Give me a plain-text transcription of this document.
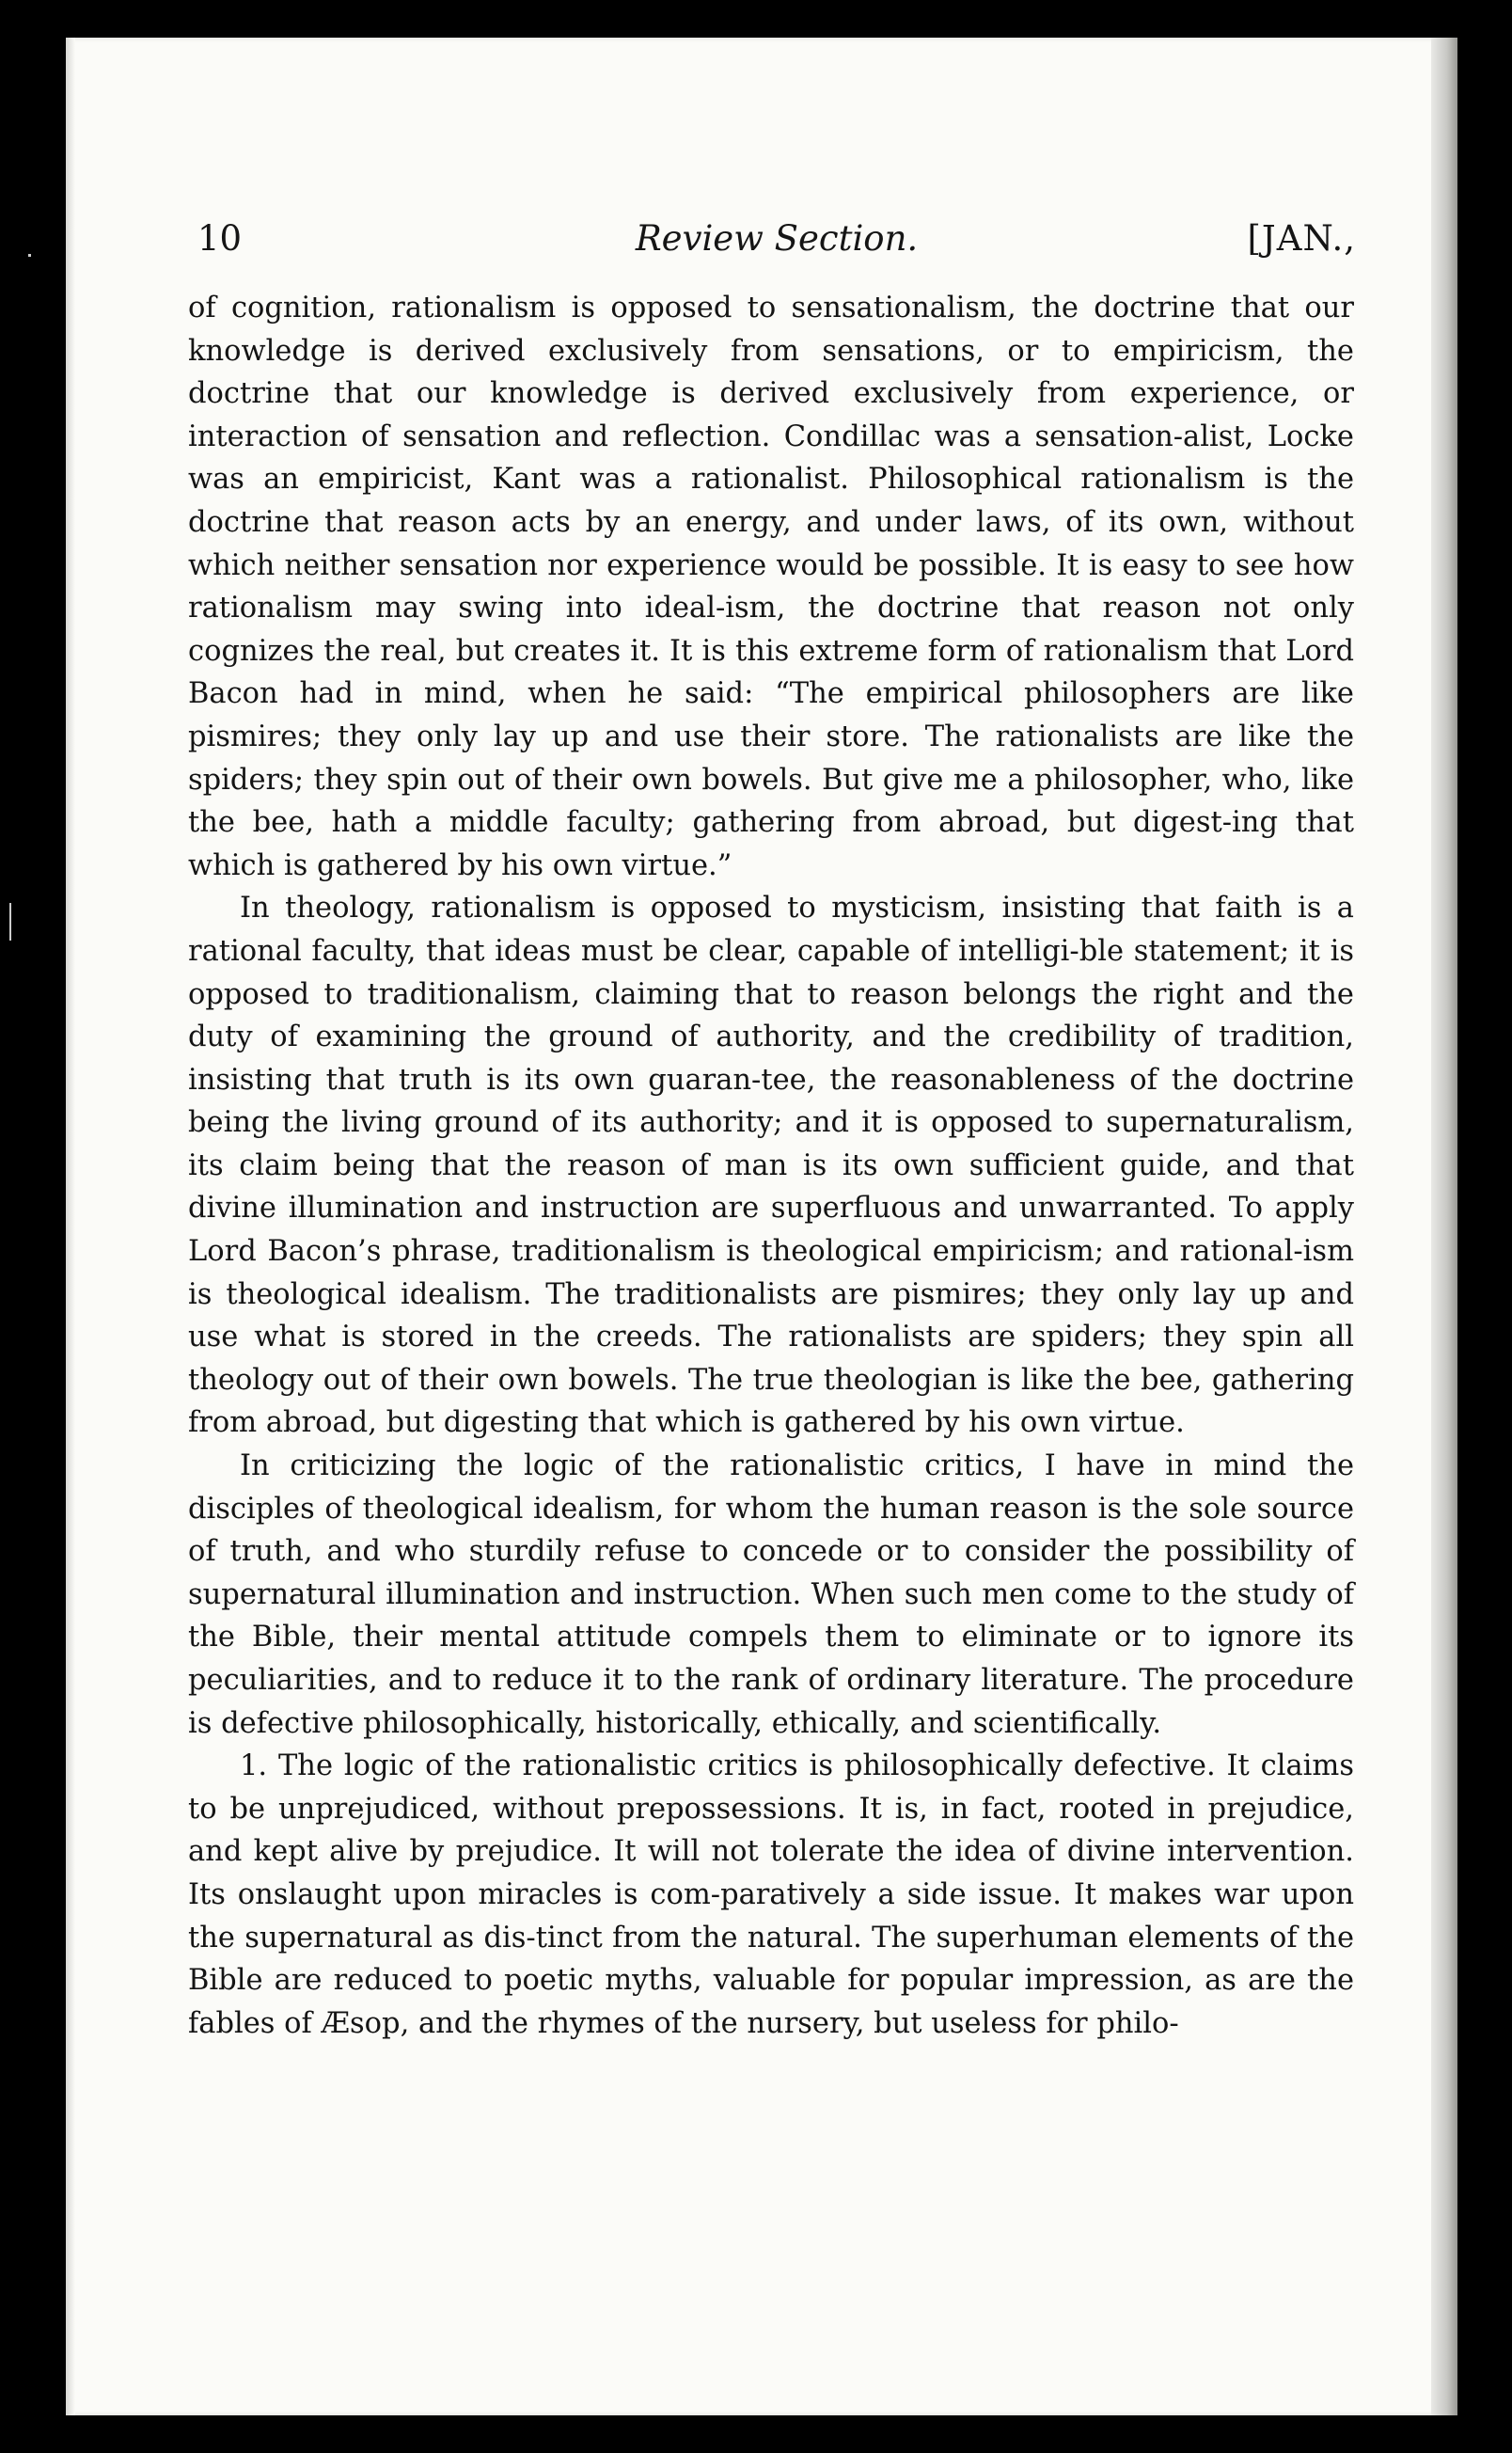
10	Review Section.	[JAN.,

of cognition, rationalism is opposed to sensationalism, the doctrine that our knowledge is derived exclusively from sensations, or to empiricism, the doctrine that our knowledge is derived exclusively from experience, or interaction of sensation and reflection. Condillac was a sensation-alist, Locke was an empiricist, Kant was a rationalist. Philosophical rationalism is the doctrine that reason acts by an energy, and under laws, of its own, without which neither sensation nor experience would be possible. It is easy to see how rationalism may swing into ideal-ism, the doctrine that reason not only cognizes the real, but creates it. It is this extreme form of rationalism that Lord Bacon had in mind, when he said: “The empirical philosophers are like pismires; they only lay up and use their store. The rationalists are like the spiders; they spin out of their own bowels. But give me a philosopher, who, like the bee, hath a middle faculty; gathering from abroad, but digest-ing that which is gathered by his own virtue.”

In theology, rationalism is opposed to mysticism, insisting that faith is a rational faculty, that ideas must be clear, capable of intelligi-ble statement; it is opposed to traditionalism, claiming that to reason belongs the right and the duty of examining the ground of authority, and the credibility of tradition, insisting that truth is its own guaran-tee, the reasonableness of the doctrine being the living ground of its authority; and it is opposed to supernaturalism, its claim being that the reason of man is its own sufficient guide, and that divine illumination and instruction are superfluous and unwarranted. To apply Lord Bacon’s phrase, traditionalism is theological empiricism; and rational-ism is theological idealism. The traditionalists are pismires; they only lay up and use what is stored in the creeds. The rationalists are spiders; they spin all theology out of their own bowels. The true theologian is like the bee, gathering from abroad, but digesting that which is gathered by his own virtue.

In criticizing the logic of the rationalistic critics, I have in mind the disciples of theological idealism, for whom the human reason is the sole source of truth, and who sturdily refuse to concede or to consider the possibility of supernatural illumination and instruction. When such men come to the study of the Bible, their mental attitude compels them to eliminate or to ignore its peculiarities, and to reduce it to the rank of ordinary literature. The procedure is defective philosophically, historically, ethically, and scientifically.

1. The logic of the rationalistic critics is philosophically defective. It claims to be unprejudiced, without prepossessions. It is, in fact, rooted in prejudice, and kept alive by prejudice. It will not tolerate the idea of divine intervention. Its onslaught upon miracles is com-paratively a side issue. It makes war upon the supernatural as dis-tinct from the natural. The superhuman elements of the Bible are reduced to poetic myths, valuable for popular impression, as are the fables of Æsop, and the rhymes of the nursery, but useless for philo-
